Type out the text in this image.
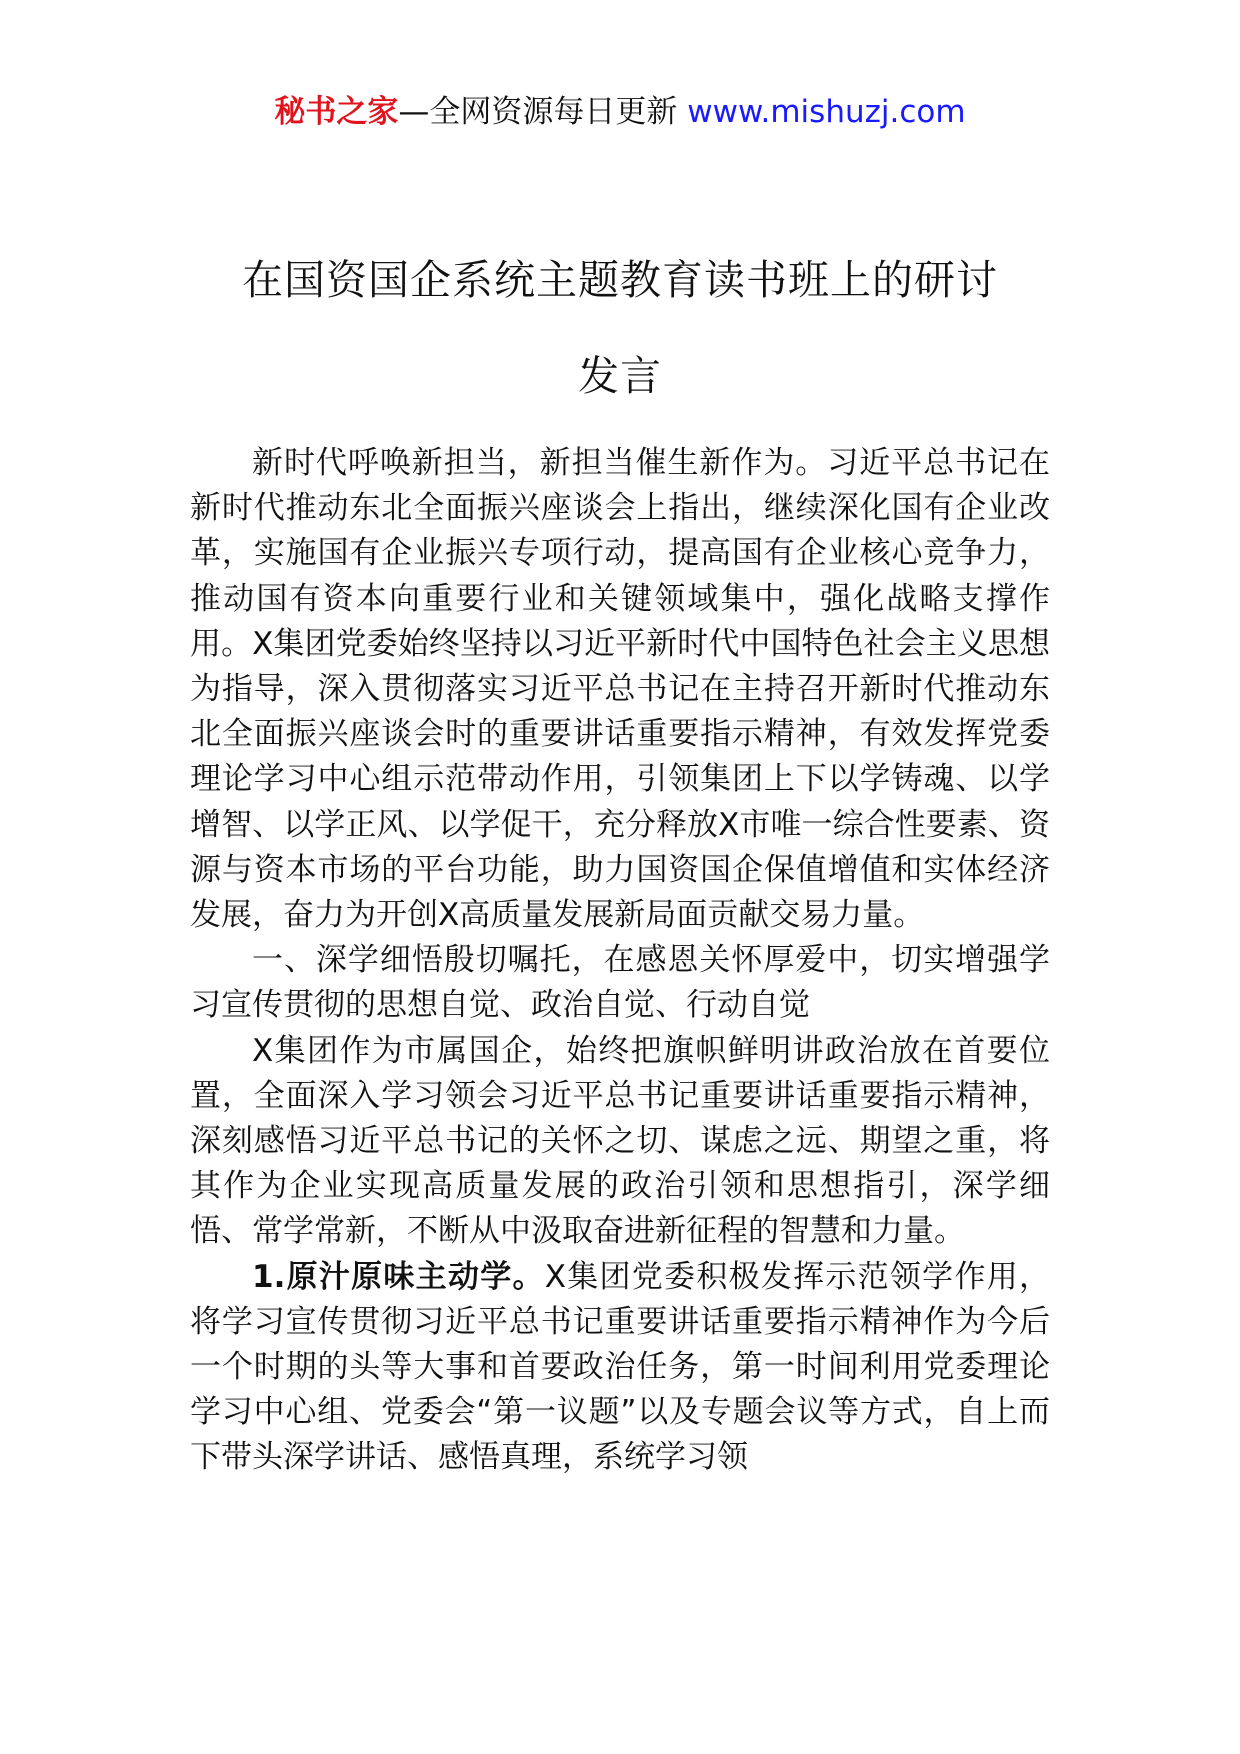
秘书之家—全网资源每日更新 www.mishuzj.com
在国资国企系统主题教育读书班上的研讨
发言

新时代呼唤新担当，新担当催生新作为。习近平总书记在新时代推动东北全面振兴座谈会上指出，继续深化国有企业改革，实施国有企业振兴专项行动，提高国有企业核心竞争力，推动国有资本向重要行业和关键领域集中，强化战略支撑作用。X集团党委始终坚持以习近平新时代中国特色社会主义思想为指导，深入贯彻落实习近平总书记在主持召开新时代推动东北全面振兴座谈会时的重要讲话重要指示精神，有效发挥党委理论学习中心组示范带动作用，引领集团上下以学铸魂、以学增智、以学正风、以学促干，充分释放X市唯一综合性要素、资源与资本市场的平台功能，助力国资国企保值增值和实体经济发展，奋力为开创X高质量发展新局面贡献交易力量。

一、深学细悟殷切嘱托，在感恩关怀厚爱中，切实增强学习宣传贯彻的思想自觉、政治自觉、行动自觉

X集团作为市属国企，始终把旗帜鲜明讲政治放在首要位置，全面深入学习领会习近平总书记重要讲话重要指示精神，深刻感悟习近平总书记的关怀之切、谋虑之远、期望之重，将其作为企业实现高质量发展的政治引领和思想指引，深学细悟、常学常新，不断从中汲取奋进新征程的智慧和力量。

1.原汁原味主动学。X集团党委积极发挥示范领学作用，将学习宣传贯彻习近平总书记重要讲话重要指示精神作为今后一个时期的头等大事和首要政治任务，第一时间利用党委理论学习中心组、党委会“第一议题”以及专题会议等方式，自上而下带头深学讲话、感悟真理，系统学习领
